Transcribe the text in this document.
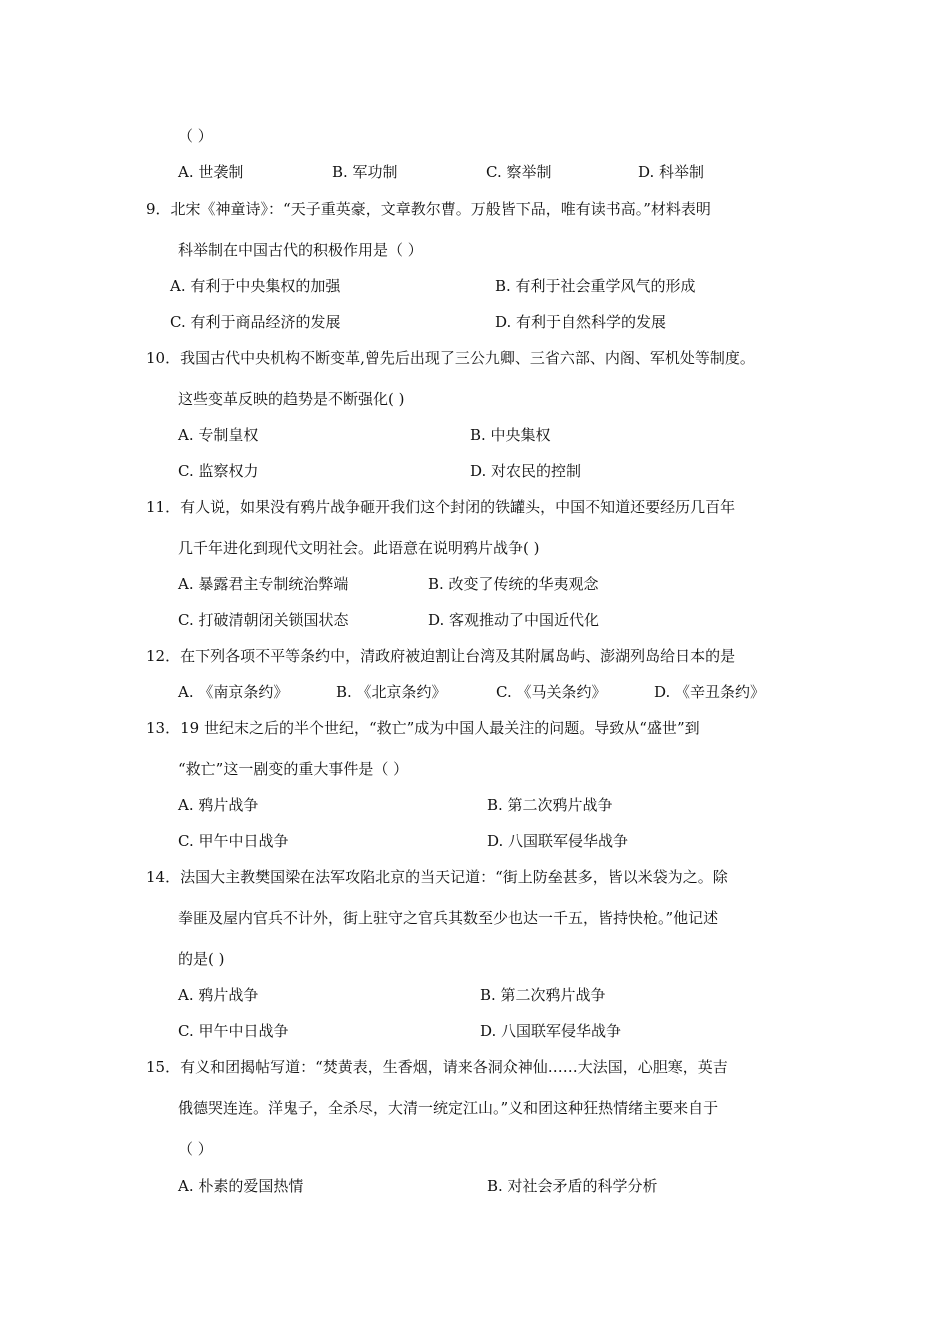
（ ）
A. 世袭制	B. 军功制	C. 察举制	D. 科举制
9．北宋《神童诗》：“天子重英豪，文章教尔曹。万般皆下品，唯有读书高。”材料表明
科举制在中国古代的积极作用是（ ）
A. 有利于中央集权的加强	B. 有利于社会重学风气的形成
C. 有利于商品经济的发展	D. 有利于自然科学的发展
10．我国古代中央机构不断变革,曾先后出现了三公九卿、三省六部、内阁、军机处等制度。
这些变革反映的趋势是不断强化( )
A. 专制皇权	B. 中央集权
C. 监察权力	D. 对农民的控制
11．有人说，如果没有鸦片战争砸开我们这个封闭的铁罐头，中国不知道还要经历几百年
几千年进化到现代文明社会。此语意在说明鸦片战争( )
A. 暴露君主专制统治弊端	B. 改变了传统的华夷观念
C. 打破清朝闭关锁国状态	D. 客观推动了中国近代化
12．在下列各项不平等条约中，清政府被迫割让台湾及其附属岛屿、澎湖列岛给日本的是
A. 《南京条约》	B. 《北京条约》	C. 《马关条约》	D. 《辛丑条约》
13．19 世纪末之后的半个世纪，“救亡”成为中国人最关注的问题。导致从“盛世”到
“救亡”这一剧变的重大事件是（ ）
A. 鸦片战争	B. 第二次鸦片战争
C. 甲午中日战争	D. 八国联军侵华战争
14．法国大主教樊国梁在法军攻陷北京的当天记道：“街上防垒甚多，皆以米袋为之。除
拳匪及屋内官兵不计外，街上驻守之官兵其数至少也达一千五，皆持快枪。”他记述
的是( )
A. 鸦片战争	B. 第二次鸦片战争
C. 甲午中日战争	D. 八国联军侵华战争
15．有义和团揭帖写道：“焚黄表，生香烟，请来各洞众神仙……大法国，心胆寒，英吉
俄德哭连连。洋鬼子，全杀尽，大清一统定江山。”义和团这种狂热情绪主要来自于
（ ）
A. 朴素的爱国热情	B. 对社会矛盾的科学分析
